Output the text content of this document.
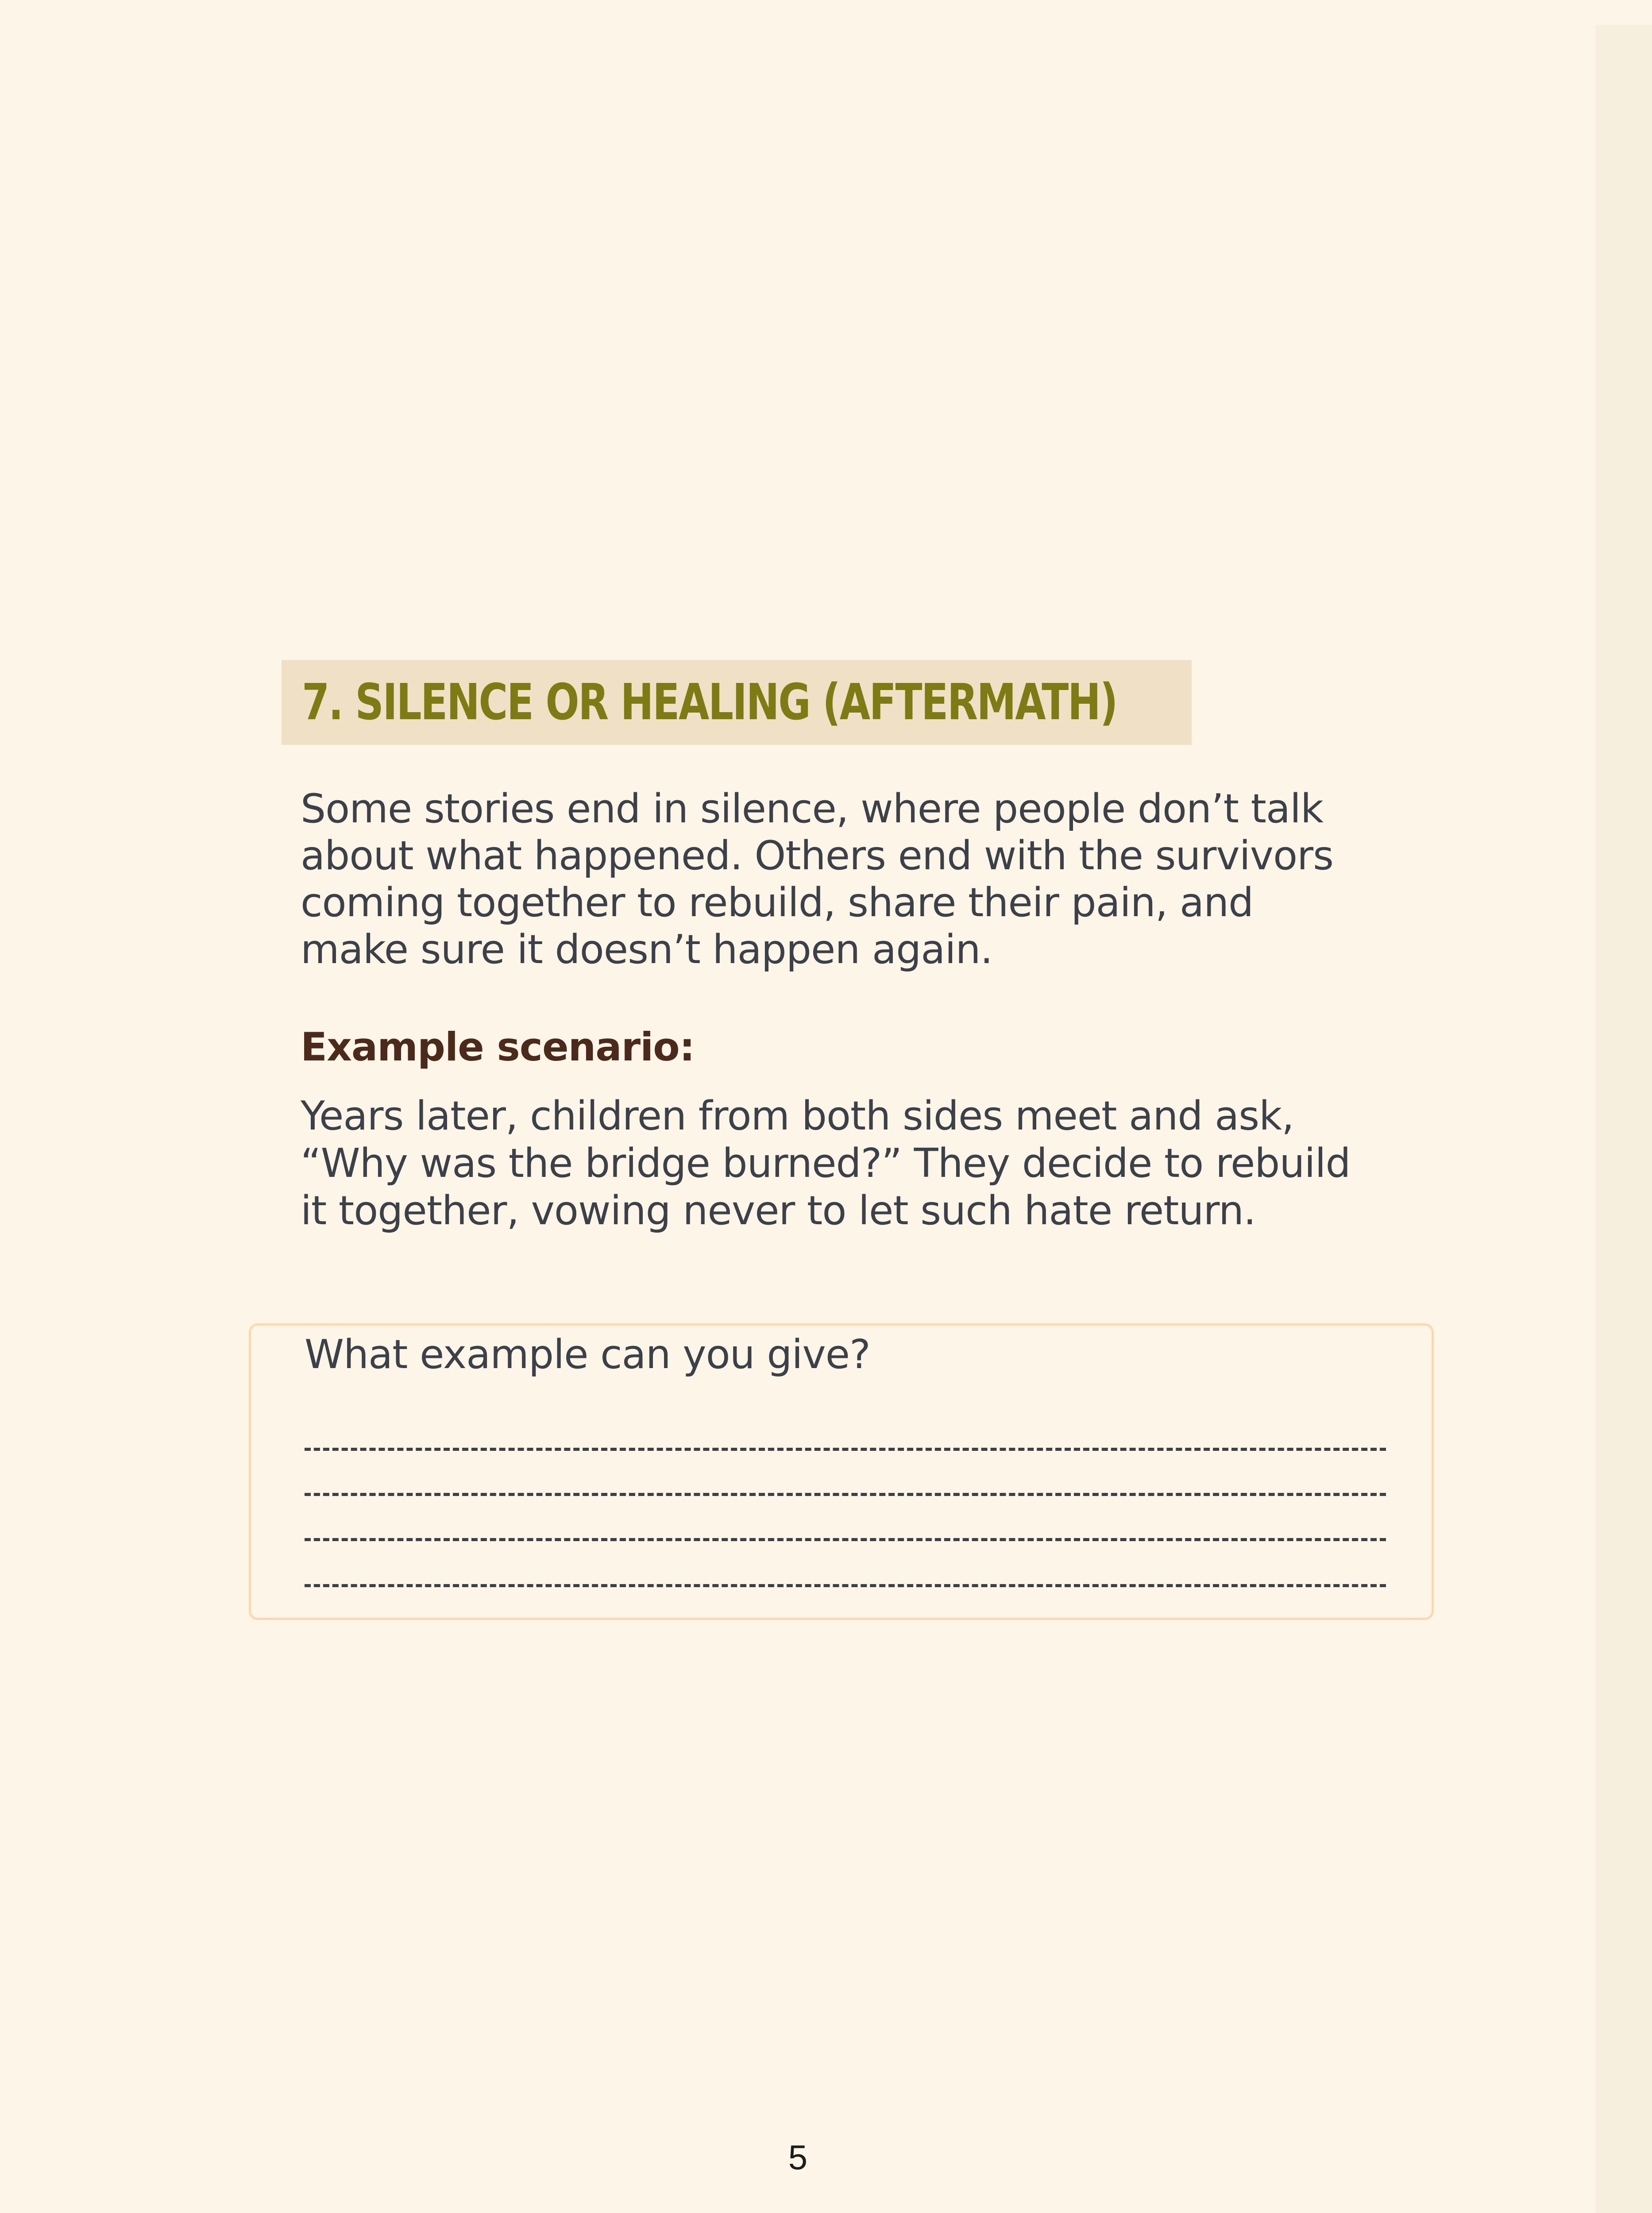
7. SILENCE OR HEALING (AFTERMATH)

Some stories end in silence, where people don’t talk
about what happened. Others end with the survivors
coming together to rebuild, share their pain, and
make sure it doesn’t happen again.

Example scenario:

Years later, children from both sides meet and ask,
“Why was the bridge burned?” They decide to rebuild
it together, vowing never to let such hate return.

What example can you give?

5
